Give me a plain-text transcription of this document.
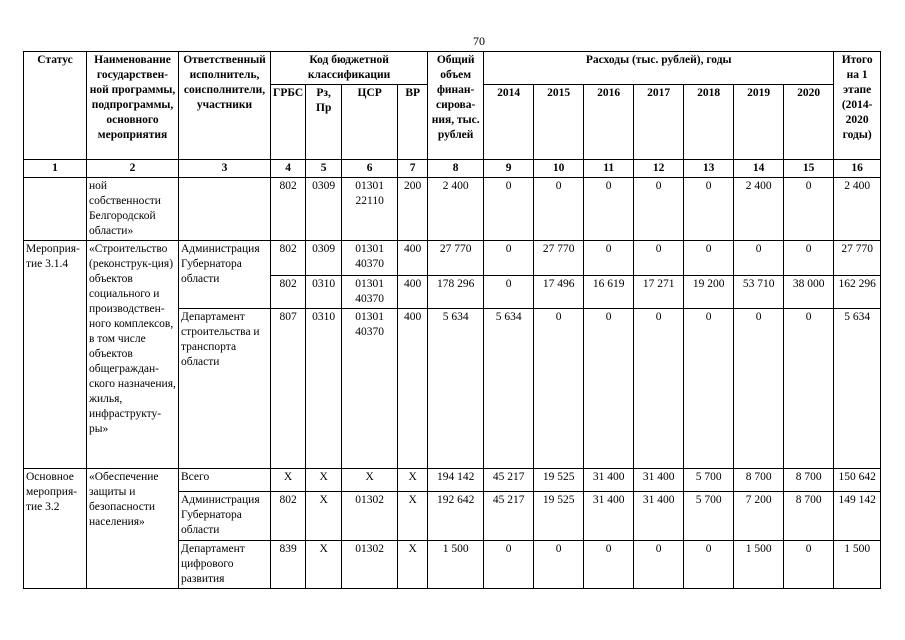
70
Статус	Наименование государствен-ной программы, подпрограммы, основного мероприятия	Ответственный исполнитель, соисполнители, участники	Код бюджетной классификации				Общий объем финан-сирова-ния, тыс. рублей	Расходы (тыс. рублей), годы							Итого на 1 этапе (2014-2020 годы)
			ГРБС	Рз, Пр	ЦСР	ВР		2014	2015	2016	2017	2018	2019	2020	
1	2	3	4	5	6	7	8	9	10	11	12	13	14	15	16
	ной собственности Белгородской области»		802	0309	01301 22110	200	2 400	0	0	0	0	0	2 400	0	2 400
Мероприя-тие 3.1.4	«Строительство (реконструк-ция) объектов социального и производствен-ного комплексов, в том числе объектов общеграждан-ского назначения, жилья, инфраструкту-ры»	Администрация Губернатора области	802	0309	01301 40370	400	27 770	0	27 770	0	0	0	0	0	27 770
			802	0310	01301 40370	400	178 296	0	17 496	16 619	17 271	19 200	53 710	38 000	162 296
		Департамент строительства и транспорта области	807	0310	01301 40370	400	5 634	5 634	0	0	0	0	0	0	5 634
Основное мероприя-тие 3.2	«Обеспечение защиты и безопасности населения»	Всего	X	X	X	X	194 142	45 217	19 525	31 400	31 400	5 700	8 700	8 700	150 642
		Администрация Губернатора области	802	X	01302	X	192 642	45 217	19 525	31 400	31 400	5 700	7 200	8 700	149 142
		Департамент цифрового развития	839	X	01302	X	1 500	0	0	0	0	0	1 500	0	1 500
